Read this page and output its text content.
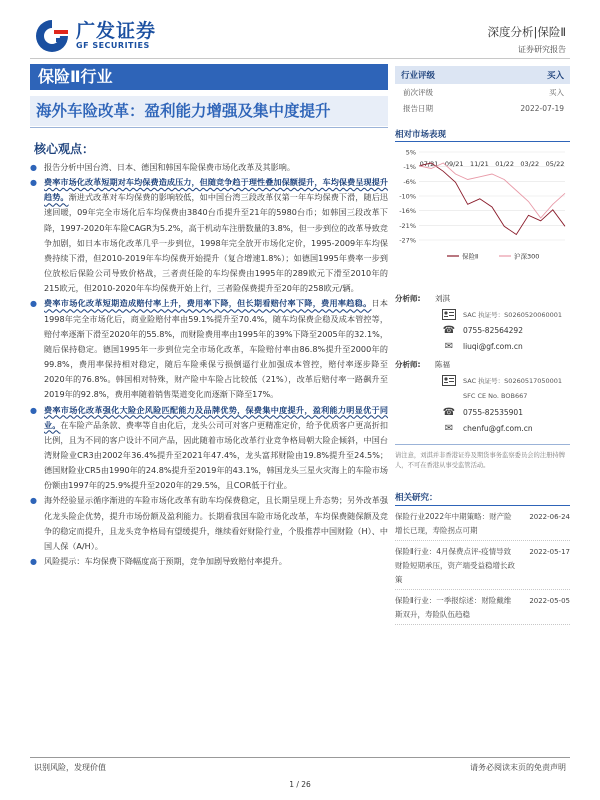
广发证券
GF SECURITIES
深度分析|保险Ⅱ
证券研究报告
保险Ⅱ行业
海外车险改革：盈利能力增强及集中度提升
核心观点：
● 报告分析中国台湾、日本、德国和韩国车险保费市场化改革及其影响。
● 费率市场化改革短期对车均保费造成压力，但随竞争趋于理性叠加保额提升，车均保费呈现提升趋势。渐进式改革对车均保费的影响较低，如中国台湾三段改革仅第一年车均保费下滑，随后迅速回暖，09年完全市场化后车均保费由3840台币提升至21年的5980台币；如韩国三段改革下降，1997-2020年车险CAGR为5.2%，高于机动车注册数量的3.8%，但一步到位的改革导致竞争加剧，如日本市场化改革几乎一步到位，1998年完全放开市场化定价，1995-2009年车均保费持续下滑，但2010-2019年车均保费开始提升（复合增速1.8%）；如德国1995年费率一步到位放松后保险公司导致价格战，三者责任险的车均保费由1995年的289欧元下滑至2010年的215欧元，但2010-2020年车均保费开始上行，三者险保费提升至20年的258欧元/辆。
● 费率市场化改革短期造成赔付率上升，费用率下降，但长期看赔付率下降，费用率趋稳。日本1998年完全市场化后，商业险赔付率由59.1%提升至70.4%，随车均保费企稳及成本管控等，赔付率逐渐下滑至2020年的55.8%，而财险费用率由1995年的39%下降至2005年的32.1%，随后保持稳定。德国1995年一步到位完全市场化改革，车险赔付率由86.8%提升至2000年的99.8%，费用率保持相对稳定，随后车险乘保亏损倒逼行业加强成本管控，赔付率逐步降至2020年的76.8%。韩国相对特殊，财产险中车险占比较低（21%），改革后赔付率一路飙升至2019年的92.8%，费用率随着销售渠道变化而逐渐下降至17%。
● 费率市场化改革强化大险企风险匹配能力及品牌优势，保费集中度提升，盈利能力明显优于同业。在车险产品条款、费率等自由化后，龙头公司可对客户更精准定价，给予优质客户更高折扣比例，且为不同的客户设计不同产品，因此随着市场化改革行业竞争格局朝大险企倾斜，中国台湾财险业CR3由2002年36.4%提升至2021年47.4%，龙头富邦财险由19.8%提升至24.5%；德国财险业CR5由1990年的24.8%提升至2019年的43.1%，韩国龙头三星火灾海上的车险市场份额由1997年的25.9%提升至2020年的29.5%，且COR低于行业。
● 海外经验显示循序渐进的车险市场化改革有助车均保费稳定，且长期呈现上升态势；另外改革强化龙头险企优势，提升市场份额及盈利能力。长期看我国车险市场化改革，车均保费随保额及竞争的稳定而提升，且龙头竞争格局有望缓提升，继续看好财险行业，个股推荐中国财险（H）、中国人保（A/H）。
● 风险提示：车均保费下降幅度高于预期，竞争加剧导致赔付率提升。
行业评级	买入
前次评级	买入
报告日期	2022-07-19
相对市场表现
5%
-1%
-6%
-10%
-16%
-21%
-27%
07/21 09/21 11/21 01/22 03/22 05/22
保险Ⅱ	沪深300
分析师:	刘淇
SAC 执证号：S0260520060001
☎	0755-82564292
✉	liuqi@gf.com.cn
分析师:	陈福
SAC 执证号：S0260517050001
SFC CE No. BOB667
☎	0755-82535901
✉	chenfu@gf.com.cn
请注意，刘淇并非香港证券及期货事务监察委员会的注册持牌人，不可在香港从事受监管活动。
相关研究：
保险行业2022年中期策略：财产险增长已现，寿险拐点可期
2022-06-24
保险Ⅱ行业：4月保费点评-疫情导致财险短期承压，资产端受益稳增长政策
2022-05-17
保险Ⅱ行业：一季报综述：财险戴维斯双升，寿险队伍趋稳
2022-05-05
识别风险，发现价值	请务必阅读末页的免责声明
1 / 26
